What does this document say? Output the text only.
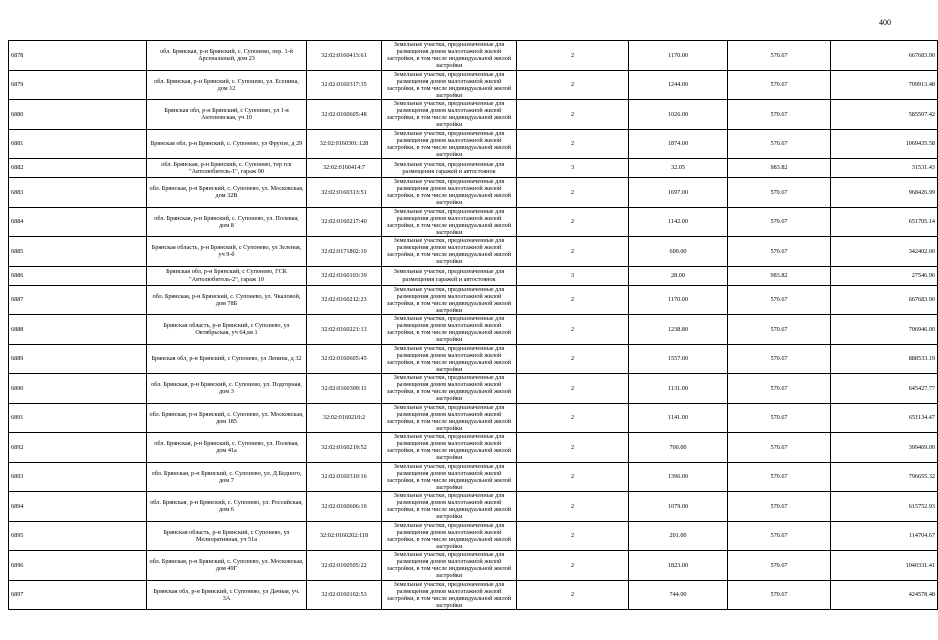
400
6878	обл. Брянская, р-н Брянский, с. Супонево, пер. 1-й Арсенальный, дом 23	32:02:0160413:61	Земельные участки, предназначенные для размещения домов малоэтажной жилой застройки, в том числе индивидуальной жилой застройки	2	1170.00	570.67	667683.90
6879	обл. Брянская, р-н Брянский, с. Супонево, ул. Есенина, дом 12	32:02:0160317:35	Земельные участки, предназначенные для размещения домов малоэтажной жилой застройки, в том числе индивидуальной жилой застройки	2	1244.00	570.67	709913.48
6880	Брянская обл, р-н Брянский, с Супонево, ул 1-я Антоновская, уч 10	32:02:0160605:48	Земельные участки, предназначенные для размещения домов малоэтажной жилой застройки, в том числе индивидуальной жилой застройки	2	1026.00	570.67	585507.42
6881	Брянская обл, р-н Брянский, с. Супонево, ул Фрунзе, д 29	32:02:0160301:128	Земельные участки, предназначенные для размещения домов малоэтажной жилой застройки, в том числе индивидуальной жилой застройки	2	1874.00	570.67	1069435.58
6882	обл. Брянская, р-н Брянский, с. Супонево, тер гск "Автолюбитель-1", гараж 90	32:02:0160414:7	Земельные участки, предназначенные для размещения гаражей и автостоянок	3	32.05	983.82	31531.43
6883	обл. Брянская, р-н Брянский, с. Супонево, ул. Московская, дом 32В	32:02:0160313:51	Земельные участки, предназначенные для размещения домов малоэтажной жилой застройки, в том числе индивидуальной жилой застройки	2	1697.00	570.67	968426.99
6884	обл. Брянская, р-н Брянский, с. Супонево, ул. Полевая, дом 8	32:02:0160217:40	Земельные участки, предназначенные для размещения домов малоэтажной жилой застройки, в том числе индивидуальной жилой застройки	2	1142.00	570.67	651705.14
6885	Брянская область, р-н Брянский, с Супонево, ул Зеленая, уч 9-б	32:02:0171802:10	Земельные участки, предназначенные для размещения домов малоэтажной жилой застройки, в том числе индивидуальной жилой застройки	2	600.00	570.67	342402.00
6886	Брянская обл, р-н Брянский, с Супонево, ГСК "Автолюбитель-2", гараж 10	32:02:0160103:39	Земельные участки, предназначенные для размещения гаражей и автостоянок	3	28.00	983.82	27546.96
6887	обл. Брянская, р-н Брянский, с. Супонево, ул. Чкаловой, дом 78Б	32:02:0160212:23	Земельные участки, предназначенные для размещения домов малоэтажной жилой застройки, в том числе индивидуальной жилой застройки	2	1170.00	570.67	667683.90
6888	Брянская область, р-н Брянский, с Супонево, ул Октябрьская, уч 64,кв 1	32:02:0160221:13	Земельные участки, предназначенные для размещения домов малоэтажной жилой застройки, в том числе индивидуальной жилой застройки	2	1238.80	570.67	706946.00
6889	Брянская обл, р-н Брянский, с Супонево, ул Ленина, д 32	32:02:0160605:45	Земельные участки, предназначенные для размещения домов малоэтажной жилой застройки, в том числе индивидуальной жилой застройки	2	1557.00	570.67	888533.19
6890	обл. Брянская, р-н Брянский, с. Супонево, ул. Подгорная, дом 3	32:02:0160309:11	Земельные участки, предназначенные для размещения домов малоэтажной жилой застройки, в том числе индивидуальной жилой застройки	2	1131.00	570.67	645427.77
6891	обл. Брянская, р-н Брянский, с. Супонево, ул. Московская, дом 185	32:02:0160210:2	Земельные участки, предназначенные для размещения домов малоэтажной жилой застройки, в том числе индивидуальной жилой застройки	2	1141.00	570.67	651134.47
6892	обл. Брянская, р-н Брянский, с. Супонево, ул. Полевая, дом 41а	32:02:0160219:52	Земельные участки, предназначенные для размещения домов малоэтажной жилой застройки, в том числе индивидуальной жилой застройки	2	700.00	570.67	399469.00
6893	обл. Брянская, р-н Брянский, с. Супонево, ул. Д.Бедного, дом 7	32:02:0160310:16	Земельные участки, предназначенные для размещения домов малоэтажной жилой застройки, в том числе индивидуальной жилой застройки	2	1396.00	570.67	796655.32
6894	обл. Брянская, р-н Брянский, с. Супонево, ул. Российская, дом 6	32:02:0160606:10	Земельные участки, предназначенные для размещения домов малоэтажной жилой застройки, в том числе индивидуальной жилой застройки	2	1079.00	570.67	615752.93
6895	Брянская область, р-н Брянский, с Супонево, ул Мелиоративная, уч 51а	32:02:0160202:118	Земельные участки, предназначенные для размещения домов малоэтажной жилой застройки, в том числе индивидуальной жилой застройки	2	201.00	570.67	114704.67
6896	обл. Брянская, р-н Брянский, с. Супонево, ул. Московская, дом 49Г	32:02:0160505:22	Земельные участки, предназначенные для размещения домов малоэтажной жилой застройки, в том числе индивидуальной жилой застройки	2	1823.00	570.67	1040331.41
6897	Брянская обл, р-н Брянский, с Супонево, ул Дачная, уч. 3А	32:02:0160102:53	Земельные участки, предназначенные для размещения домов малоэтажной жилой застройки, в том числе индивидуальной жилой застройки	2	744.00	570.67	424578.48
